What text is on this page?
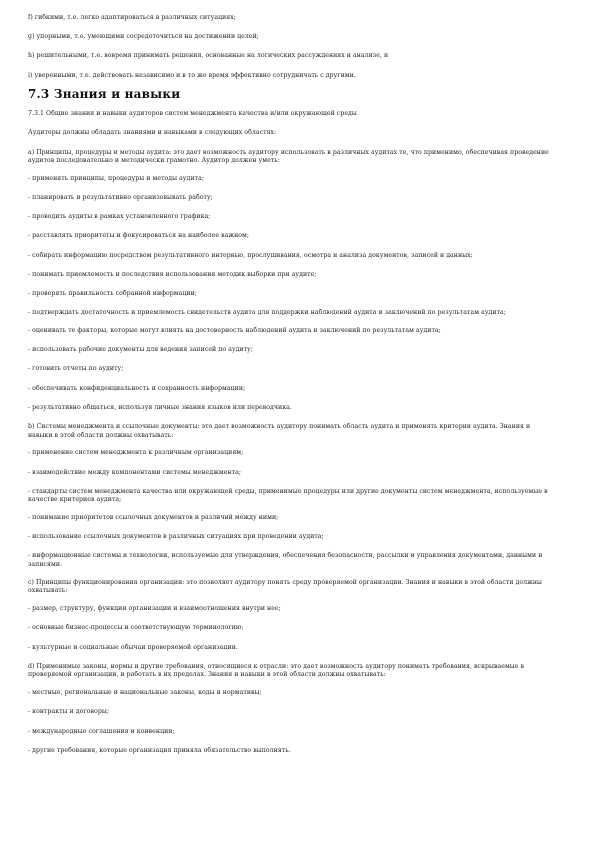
f) гибкими, т.е. легко адаптироваться в различных ситуациях;

g) упорными, т.е. умеющими сосредоточиться на достижении целей;

h) решительными, т.е. вовремя принимать решения, основанные на логических рассуждениях и анализе, и

i) уверенными, т.е. действовать независимо и в то же время эффективно сотрудничать с другими.

7.3 Знания и навыки

7.3.1 Общие знания и навыки аудиторов систем менеджмента качества и/или окружающей среды

Аудиторы должны обладать знаниями и навыками в следующих областях:

a) Принципы, процедуры и методы аудита: это дает возможность аудитору использовать в различных аудитах те, что применимо, обеспечивая проведение аудитов последовательно и методически грамотно. Аудитор должен уметь:

- применять принципы, процедуры и методы аудита;

- планировать и результативно организовывать работу;

- проводить аудиты в рамках установленного графика;

- расставлять приоритеты и фокусироваться на наиболее важном;

- собирать информацию посредством результативного интервью, прослушивания, осмотра и анализа документов, записей и данных;

- понимать приемлемость и последствия использования методик выборки при аудите;

- проверять правильность собранной информации;

- подтверждать достаточность и приемлемость свидетельств аудита для поддержки наблюдений аудита и заключений по результатам аудита;

- оценивать те факторы, которые могут влиять на достоверность наблюдений аудита и заключений по результатам аудита;

- использовать рабочие документы для ведения записей по аудиту;

- готовить отчеты по аудиту;

- обеспечивать конфиденциальность и сохранность информации;

- результативно общаться, используя личные знания языков или переводчика.

b) Системы менеджмента и ссылочные документы: это дает возможность аудитору понимать область аудита и применять критерии аудита. Знания и навыки в этой области должны охватывать:

- применение систем менеджмента к различным организациям;

- взаимодействие между компонентами системы менеджмента;

- стандарты систем менеджмента качества или окружающей среды, применимые процедуры или другие документы систем менеджмента, используемые в качестве критериев аудита;

- понимание приоритетов ссылочных документов и различий между ними;

- использование ссылочных документов в различных ситуациях при проведении аудита;

- информационные системы и технологии, используемые для утверждения, обеспечения безопасности, рассылки и управления документами, данными и записями.

c) Принципы функционирования организации: это позволяет аудитору понять среду проверяемой организации. Знания и навыки в этой области должны охватывать:

- размер, структуру, функции организации и взаимоотношения внутри нее;

- основные бизнес-процессы и соответствующую терминологию;

- культурные и социальные обычаи проверяемой организации.

d) Применимые законы, нормы и другие требования, относящиеся к отрасли: это дает возможность аудитору понимать требования, вскрываемые в проверяемой организации, и работать в их пределах. Знания и навыки в этой области должны охватывать:

- местные, региональные и национальные законы, коды и нормативы;

- контракты и договоры;

- международные соглашения и конвенции;

- другие требования, которые организация приняла обязательство выполнять.
